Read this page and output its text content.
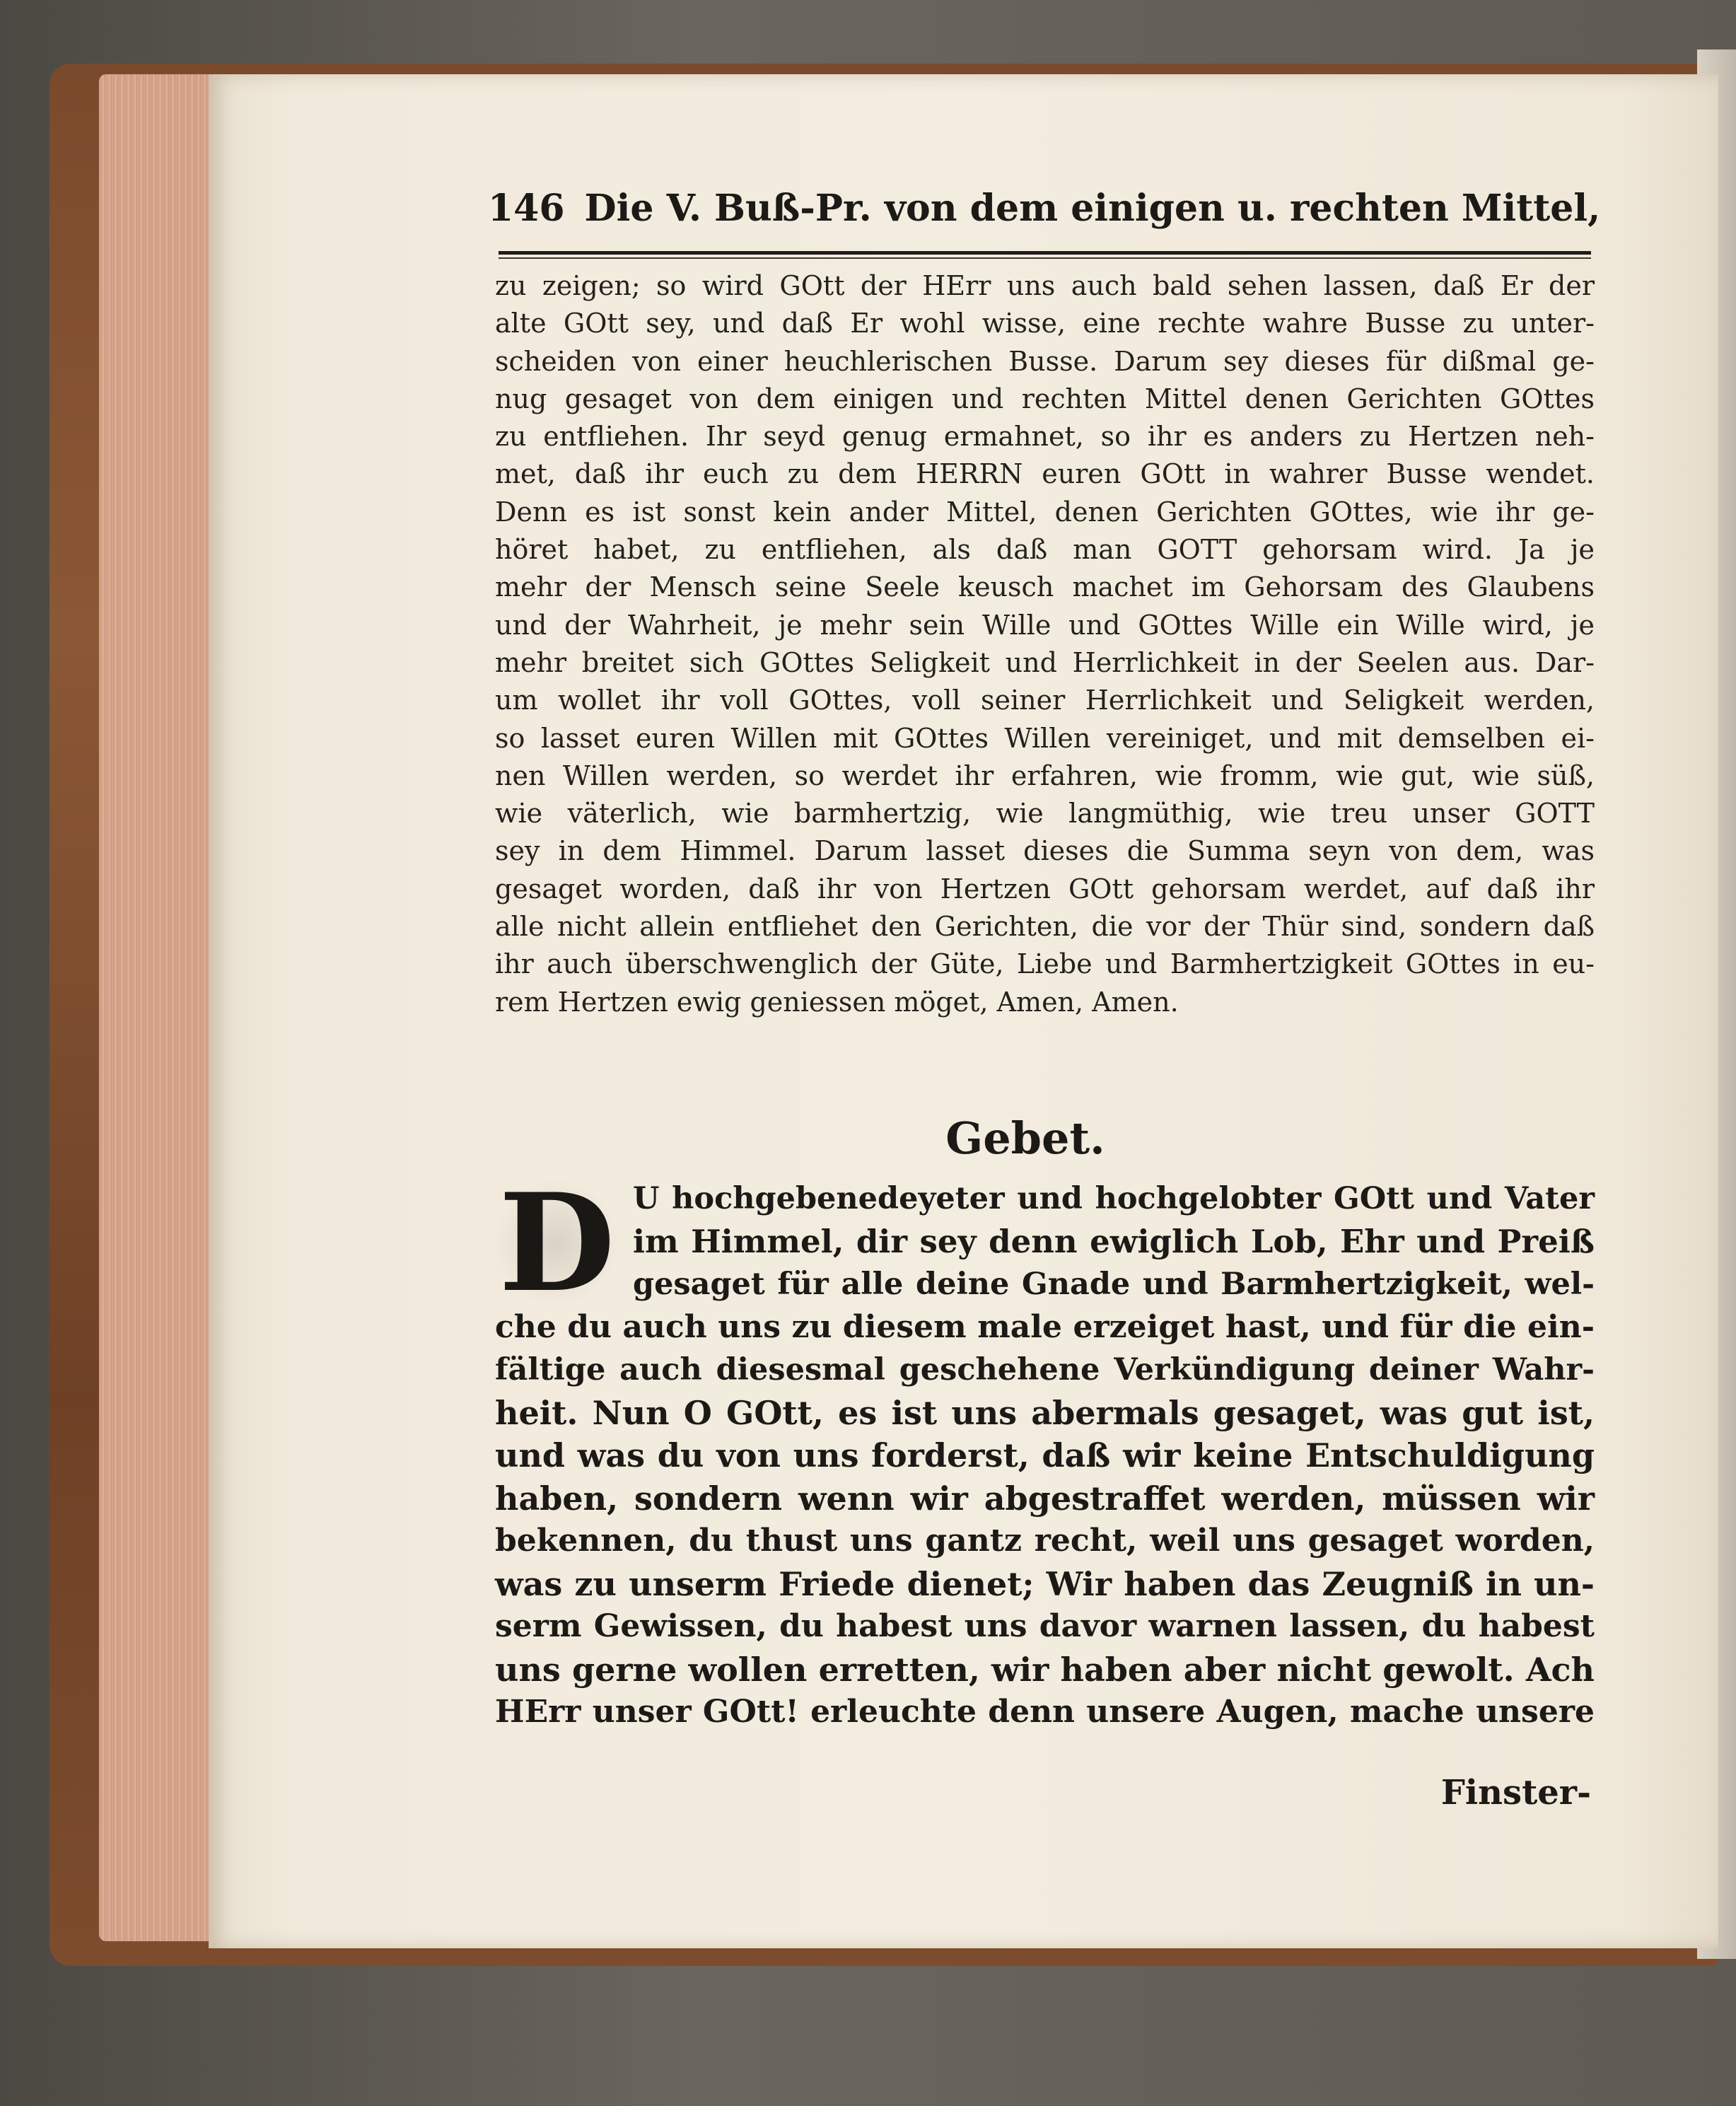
146 Die V. Buß-Pr. von dem einigen u. rechten Mittel,
zu zeigen; so wird GOtt der HErr uns auch bald sehen lassen, daß Er der
alte GOtt sey, und daß Er wohl wisse, eine rechte wahre Busse zu unter-
scheiden von einer heuchlerischen Busse. Darum sey dieses für dißmal ge-
nug gesaget von dem einigen und rechten Mittel denen Gerichten GOttes
zu entfliehen. Ihr seyd genug ermahnet, so ihr es anders zu Hertzen neh-
met, daß ihr euch zu dem HERRN euren GOtt in wahrer Busse wendet.
Denn es ist sonst kein ander Mittel, denen Gerichten GOttes, wie ihr ge-
höret habet, zu entfliehen, als daß man GOTT gehorsam wird. Ja je
mehr der Mensch seine Seele keusch machet im Gehorsam des Glaubens
und der Wahrheit, je mehr sein Wille und GOttes Wille ein Wille wird, je
mehr breitet sich GOttes Seligkeit und Herrlichkeit in der Seelen aus. Dar-
um wollet ihr voll GOttes, voll seiner Herrlichkeit und Seligkeit werden,
so lasset euren Willen mit GOttes Willen vereiniget, und mit demselben ei-
nen Willen werden, so werdet ihr erfahren, wie fromm, wie gut, wie süß,
wie väterlich, wie barmhertzig, wie langmüthig, wie treu unser GOTT
sey in dem Himmel. Darum lasset dieses die Summa seyn von dem, was
gesaget worden, daß ihr von Hertzen GOtt gehorsam werdet, auf daß ihr
alle nicht allein entfliehet den Gerichten, die vor der Thür sind, sondern daß
ihr auch überschwenglich der Güte, Liebe und Barmhertzigkeit GOttes in eu-
rem Hertzen ewig geniessen möget, Amen, Amen.
Gebet.
D U hochgebenedeyeter und hochgelobter GOtt und Vater
im Himmel, dir sey denn ewiglich Lob, Ehr und Preiß
gesaget für alle deine Gnade und Barmhertzigkeit, wel-
che du auch uns zu diesem male erzeiget hast, und für die ein-
fältige auch diesesmal geschehene Verkündigung deiner Wahr-
heit. Nun O GOtt, es ist uns abermals gesaget, was gut ist,
und was du von uns forderst, daß wir keine Entschuldigung
haben, sondern wenn wir abgestraffet werden, müssen wir
bekennen, du thust uns gantz recht, weil uns gesaget worden,
was zu unserm Friede dienet; Wir haben das Zeugniß in un-
serm Gewissen, du habest uns davor warnen lassen, du habest
uns gerne wollen erretten, wir haben aber nicht gewolt. Ach
HErr unser GOtt! erleuchte denn unsere Augen, mache unsere
Finster-
